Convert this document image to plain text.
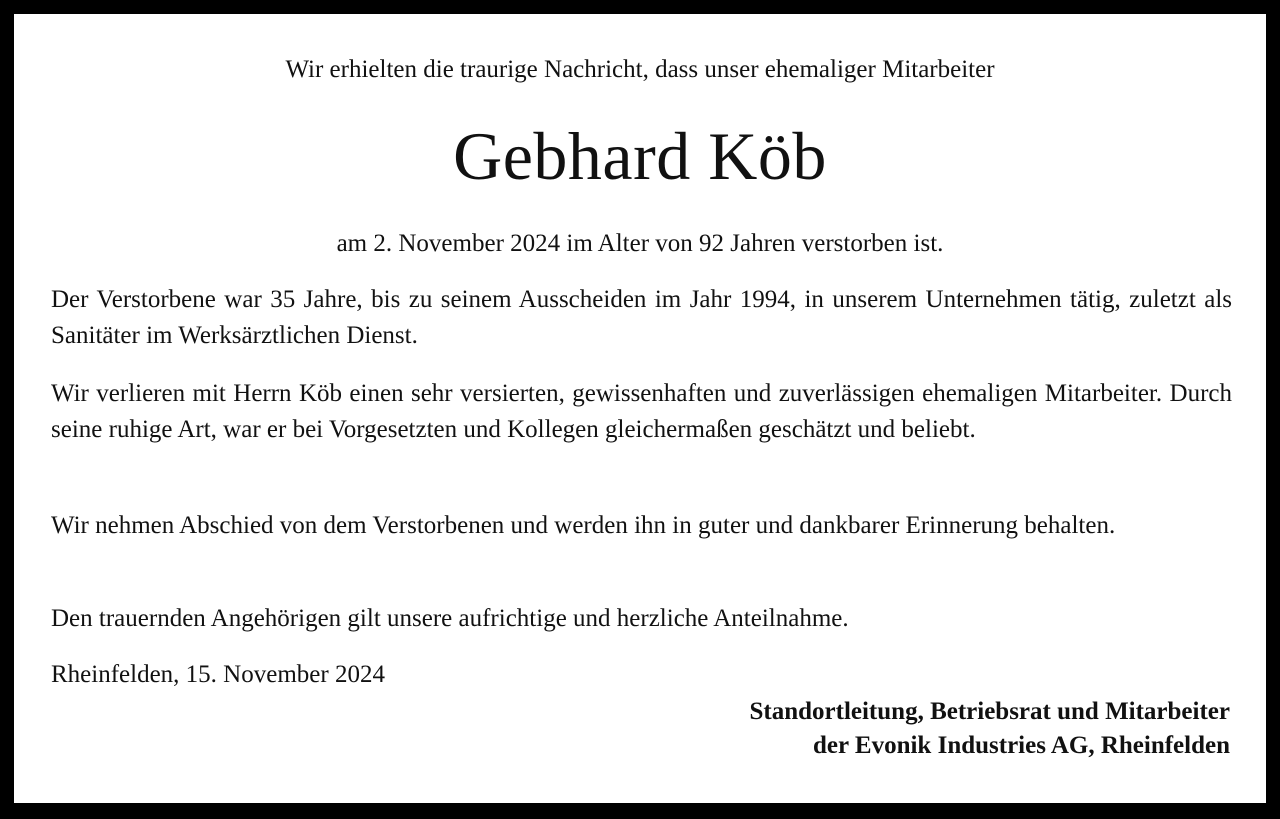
Wir erhielten die traurige Nachricht, dass unser ehemaliger Mitarbeiter

Gebhard Köb

am 2. November 2024 im Alter von 92 Jahren verstorben ist.

Der Verstorbene war 35 Jahre, bis zu seinem Ausscheiden im Jahr 1994, in unserem Unternehmen tätig, zuletzt als Sanitäter im Werksärztlichen Dienst.

Wir verlieren mit Herrn Köb einen sehr versierten, gewissenhaften und zuverlässigen ehemaligen Mitarbeiter. Durch seine ruhige Art, war er bei Vorgesetzten und Kollegen gleichermaßen geschätzt und beliebt.

Wir nehmen Abschied von dem Verstorbenen und werden ihn in guter und dankbarer Erinnerung behalten.

Den trauernden Angehörigen gilt unsere aufrichtige und herzliche Anteilnahme.

Rheinfelden, 15. November 2024

Standortleitung, Betriebsrat und Mitarbeiter
der Evonik Industries AG, Rheinfelden
